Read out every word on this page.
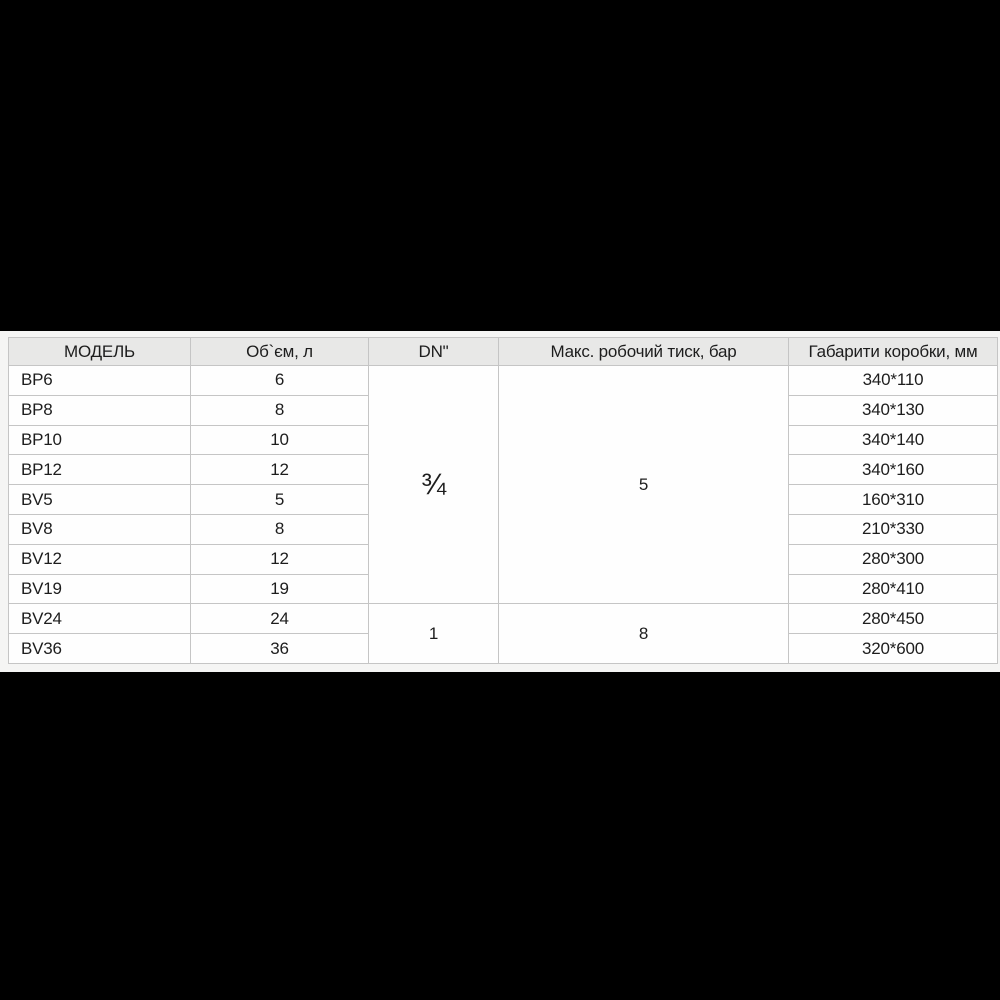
МОДЕЛЬ	Об`єм, л	DN"	Макс. робочий тиск, бар	Габарити коробки, мм
BP6	6	¾	5	340*110
BP8	8			340*130
BP10	10			340*140
BP12	12			340*160
BV5	5			160*310
BV8	8			210*330
BV12	12			280*300
BV19	19			280*410
BV24	24	1	8	280*450
BV36	36			320*600
